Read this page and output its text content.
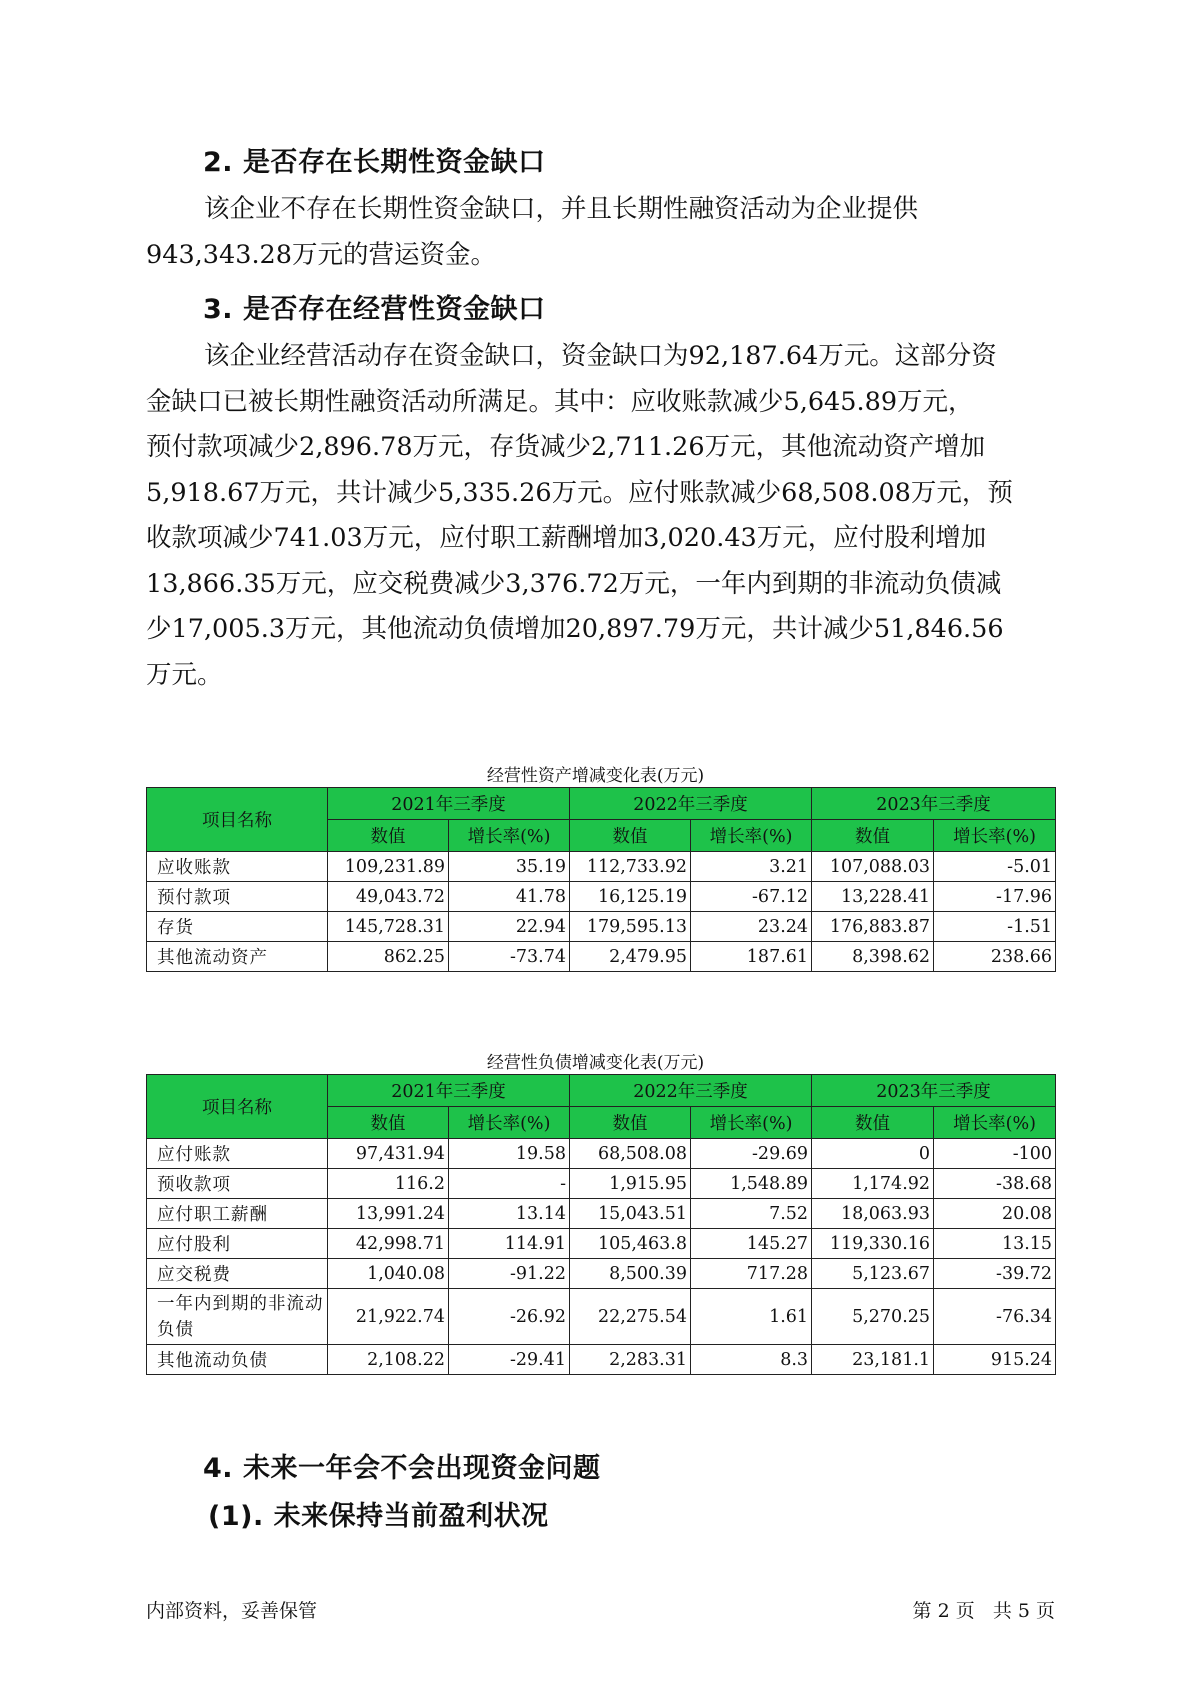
2. 是否存在长期性资金缺口

该企业不存在长期性资金缺口，并且长期性融资活动为企业提供
943,343.28万元的营运资金。

3. 是否存在经营性资金缺口

该企业经营活动存在资金缺口，资金缺口为92,187.64万元。这部分资
金缺口已被长期性融资活动所满足。其中：应收账款减少5,645.89万元，
预付款项减少2,896.78万元，存货减少2,711.26万元，其他流动资产增加
5,918.67万元，共计减少5,335.26万元。应付账款减少68,508.08万元，预
收款项减少741.03万元，应付职工薪酬增加3,020.43万元，应付股利增加
13,866.35万元，应交税费减少3,376.72万元，一年内到期的非流动负债减
少17,005.3万元，其他流动负债增加20,897.79万元，共计减少51,846.56
万元。

经营性资产增减变化表(万元)
项目名称	2021年三季度		2022年三季度		2023年三季度	
	数值	增长率(%)	数值	增长率(%)	数值	增长率(%)
应收账款	109,231.89	35.19	112,733.92	3.21	107,088.03	-5.01
预付款项	49,043.72	41.78	16,125.19	-67.12	13,228.41	-17.96
存货	145,728.31	22.94	179,595.13	23.24	176,883.87	-1.51
其他流动资产	862.25	-73.74	2,479.95	187.61	8,398.62	238.66
经营性负债增减变化表(万元)
项目名称	2021年三季度		2022年三季度		2023年三季度	
	数值	增长率(%)	数值	增长率(%)	数值	增长率(%)
应付账款	97,431.94	19.58	68,508.08	-29.69	0	-100
预收款项	116.2	-	1,915.95	1,548.89	1,174.92	-38.68
应付职工薪酬	13,991.24	13.14	15,043.51	7.52	18,063.93	20.08
应付股利	42,998.71	114.91	105,463.8	145.27	119,330.16	13.15
应交税费	1,040.08	-91.22	8,500.39	717.28	5,123.67	-39.72
一年内到期的非流动负债	21,922.74	-26.92	22,275.54	1.61	5,270.25	-76.34
其他流动负债	2,108.22	-29.41	2,283.31	8.3	23,181.1	915.24
4. 未来一年会不会出现资金问题
(1). 未来保持当前盈利状况
内部资料，妥善保管	第 2 页   共 5 页
